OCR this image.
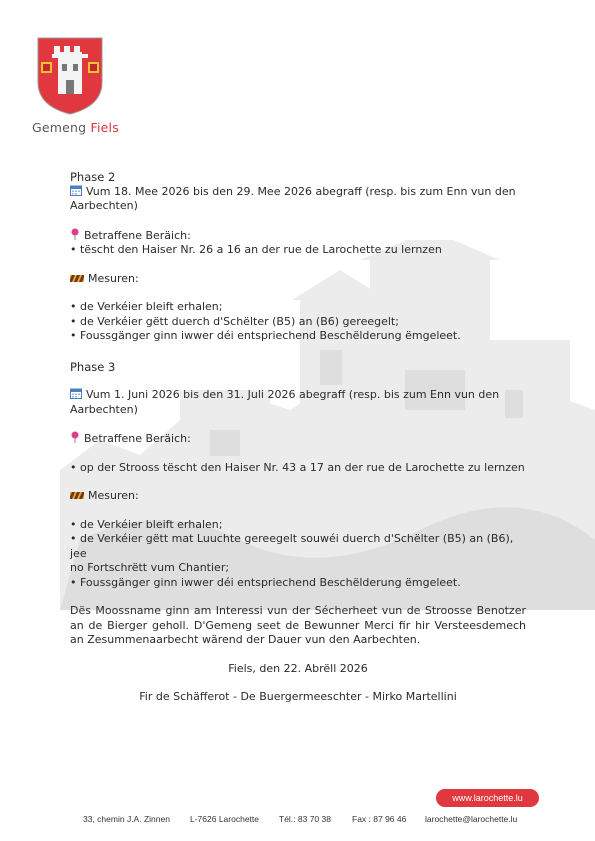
Gemeng Fiels

Phase 2

Vum 18. Mee 2026 bis den 29. Mee 2026 abegraff (resp. bis zum Enn vun den
Aarbechten)

Betraffene Beräich:

• tëscht den Haiser Nr. 26 a 16 an der rue de Larochette zu lernzen

Mesuren:

• de Verkéier bleift erhalen;

• de Verkéier gëtt duerch d'Schëlter (B5) an (B6) gereegelt;

• Foussgänger ginn iwwer déi entspriechend Beschëlderung ëmgeleet.

Phase 3

Vum 1. Juni 2026 bis den 31. Juli 2026 abegraff (resp. bis zum Enn vun den
Aarbechten)

Betraffene Beräich:

• op der Strooss tëscht den Haiser Nr. 43 a 17 an der rue de Larochette zu lernzen

Mesuren:

• de Verkéier bleift erhalen;

• de Verkéier gëtt mat Luuchte gereegelt souwéi duerch d'Schëlter (B5) an (B6), jee

no Fortschrëtt vum Chantier;

• Foussgänger ginn iwwer déi entspriechend Beschëlderung ëmgeleet.

Dës Moossname ginn am Interessi vun der Sécherheet vun de Stroosse Benotzer an de Bierger geholl. D'Gemeng seet de Bewunner Merci fir hir Versteesdemech an Zesummenaarbecht wärend der Dauer vun den Aarbechten.

Fiels, den 22. Abrëll 2026

Fir de Schäfferot - De Buergermeeschter - Mirko Martellini

www.larochette.lu
33, chemin J.A. Zinnen L-7626 Larochette Tél.: 83 70 38 Fax : 87 96 46 larochette@larochette.lu
